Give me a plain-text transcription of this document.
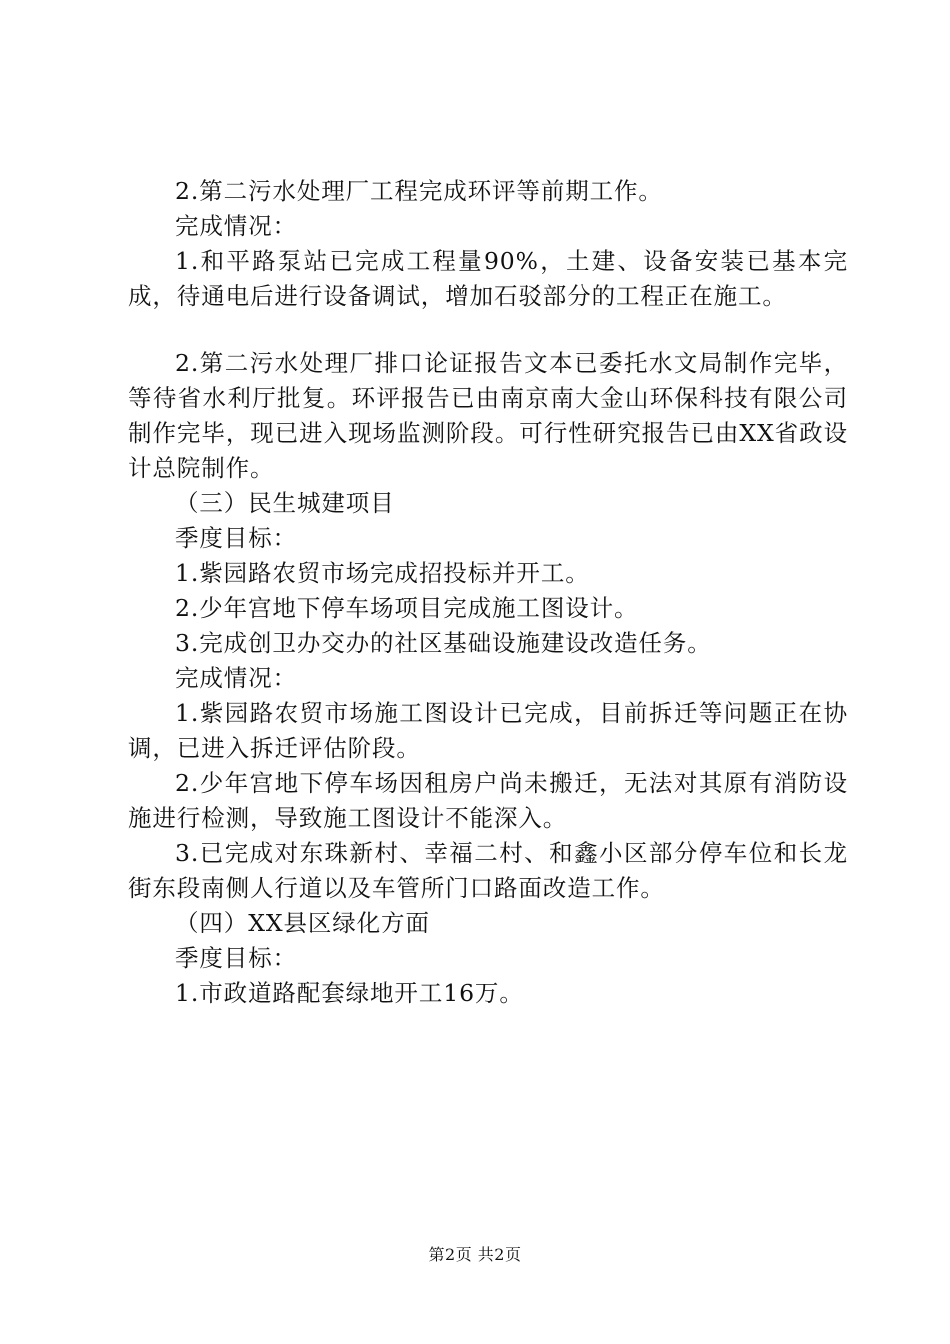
2.第二污水处理厂工程完成环评等前期工作。

完成情况：

1.和平路泵站已完成工程量90%，土建、设备安装已基本完成，待通电后进行设备调试，增加石驳部分的工程正在施工。

2.第二污水处理厂排口论证报告文本已委托水文局制作完毕，等待省水利厅批复。环评报告已由南京南大金山环保科技有限公司制作完毕，现已进入现场监测阶段。可行性研究报告已由XX省政设计总院制作。

（三）民生城建项目

季度目标：

1.紫园路农贸市场完成招投标并开工。

2.少年宫地下停车场项目完成施工图设计。

3.完成创卫办交办的社区基础设施建设改造任务。

完成情况：

1.紫园路农贸市场施工图设计已完成，目前拆迁等问题正在协调，已进入拆迁评估阶段。

2.少年宫地下停车场因租房户尚未搬迁，无法对其原有消防设施进行检测，导致施工图设计不能深入。

3.已完成对东珠新村、幸福二村、和鑫小区部分停车位和长龙街东段南侧人行道以及车管所门口路面改造工作。

（四）XX县区绿化方面

季度目标：

1.市政道路配套绿地开工16万。

第2页 共2页
